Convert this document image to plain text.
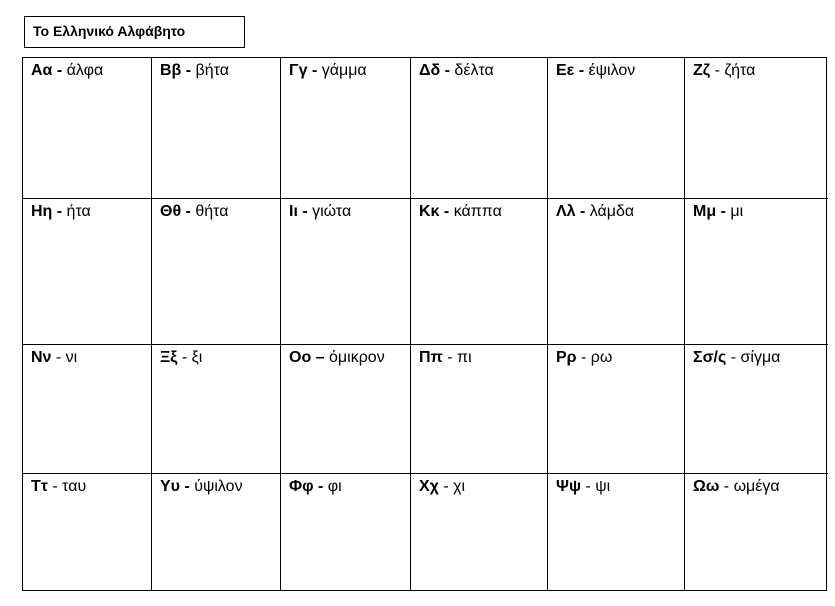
Το Ελληνικό Αλφάβητο
Αα - άλφα	Ββ - βήτα	Γγ - γάμμα	Δδ - δέλτα	Εε - έψιλον	Ζζ - ζήτα
Ηη - ήτα	Θθ - θήτα	Ιι - γιώτα	Κκ - κάππα	Λλ - λάμδα	Μμ - μι
Νν - νι	Ξξ - ξι	Οο – όμικρον	Ππ - πι	Ρρ - ρω	Σσ/ς - σίγμα
Ττ - ταυ	Υυ - ύψιλον	Φφ - φι	Χχ - χι	Ψψ - ψι	Ωω - ωμέγα
